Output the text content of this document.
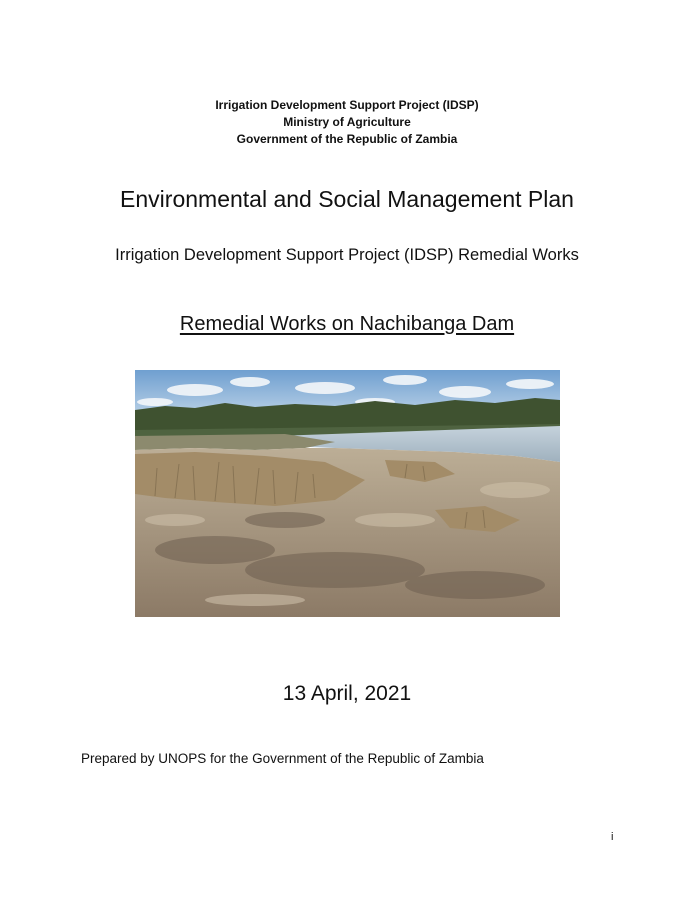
Irrigation Development Support Project (IDSP)
Ministry of Agriculture
Government of the Republic of Zambia
Environmental and Social Management Plan
Irrigation Development Support Project (IDSP) Remedial Works
Remedial Works on Nachibanga Dam
13 April, 2021
Prepared by UNOPS for the Government of the Republic of Zambia
i
